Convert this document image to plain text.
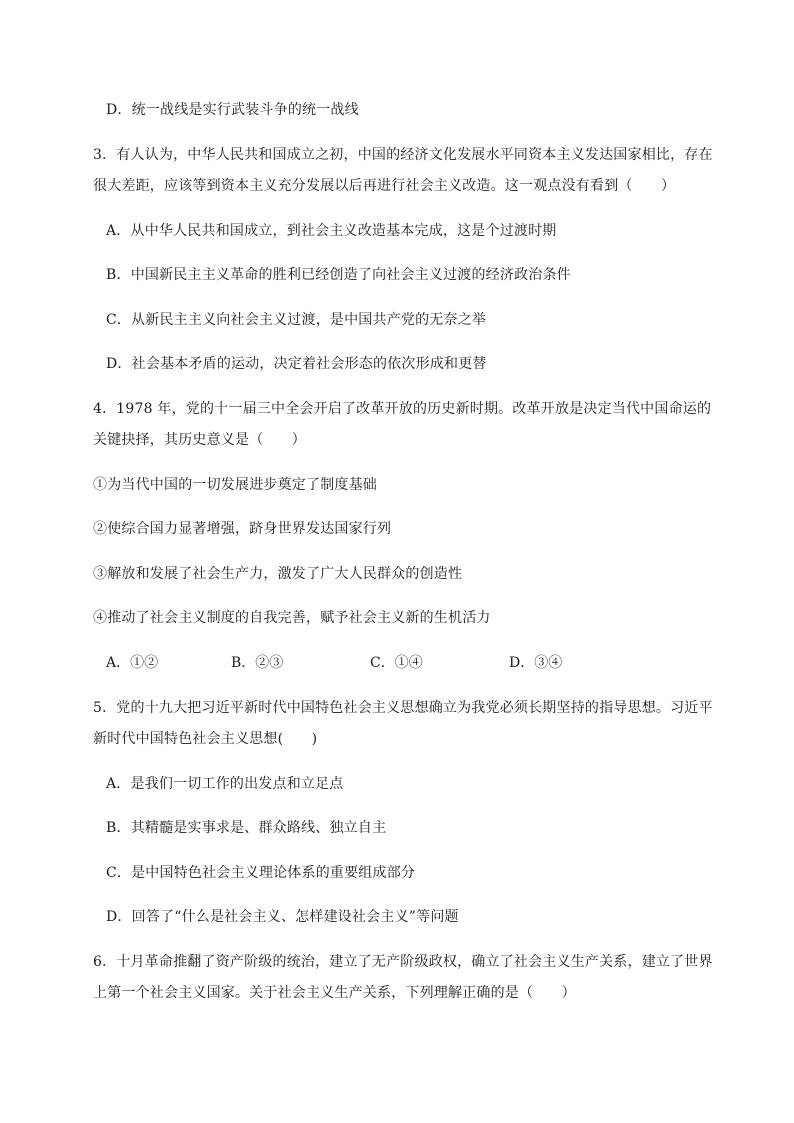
D．统一战线是实行武装斗争的统一战线
3．有人认为，中华人民共和国成立之初，中国的经济文化发展水平同资本主义发达国家相比，存在
很大差距，应该等到资本主义充分发展以后再进行社会主义改造。这一观点没有看到（　　）
A．从中华人民共和国成立，到社会主义改造基本完成，这是个过渡时期
B．中国新民主主义革命的胜利已经创造了向社会主义过渡的经济政治条件
C．从新民主主义向社会主义过渡，是中国共产党的无奈之举
D．社会基本矛盾的运动，决定着社会形态的依次形成和更替
4．1978 年，党的十一届三中全会开启了改革开放的历史新时期。改革开放是决定当代中国命运的
关键抉择，其历史意义是（　　）
①为当代中国的一切发展进步奠定了制度基础
②使综合国力显著增强，跻身世界发达国家行列
③解放和发展了社会生产力，激发了广大人民群众的创造性
④推动了社会主义制度的自我完善，赋予社会主义新的生机活力
A．①②	B．②③	C．①④	D．③④
5．党的十九大把习近平新时代中国特色社会主义思想确立为我党必须长期坚持的指导思想。习近平
新时代中国特色社会主义思想(　　)
A．是我们一切工作的出发点和立足点
B．其精髓是实事求是、群众路线、独立自主
C．是中国特色社会主义理论体系的重要组成部分
D．回答了“什么是社会主义、怎样建设社会主义”等问题
6．十月革命推翻了资产阶级的统治，建立了无产阶级政权，确立了社会主义生产关系，建立了世界
上第一个社会主义国家。关于社会主义生产关系，下列理解正确的是（　　）
